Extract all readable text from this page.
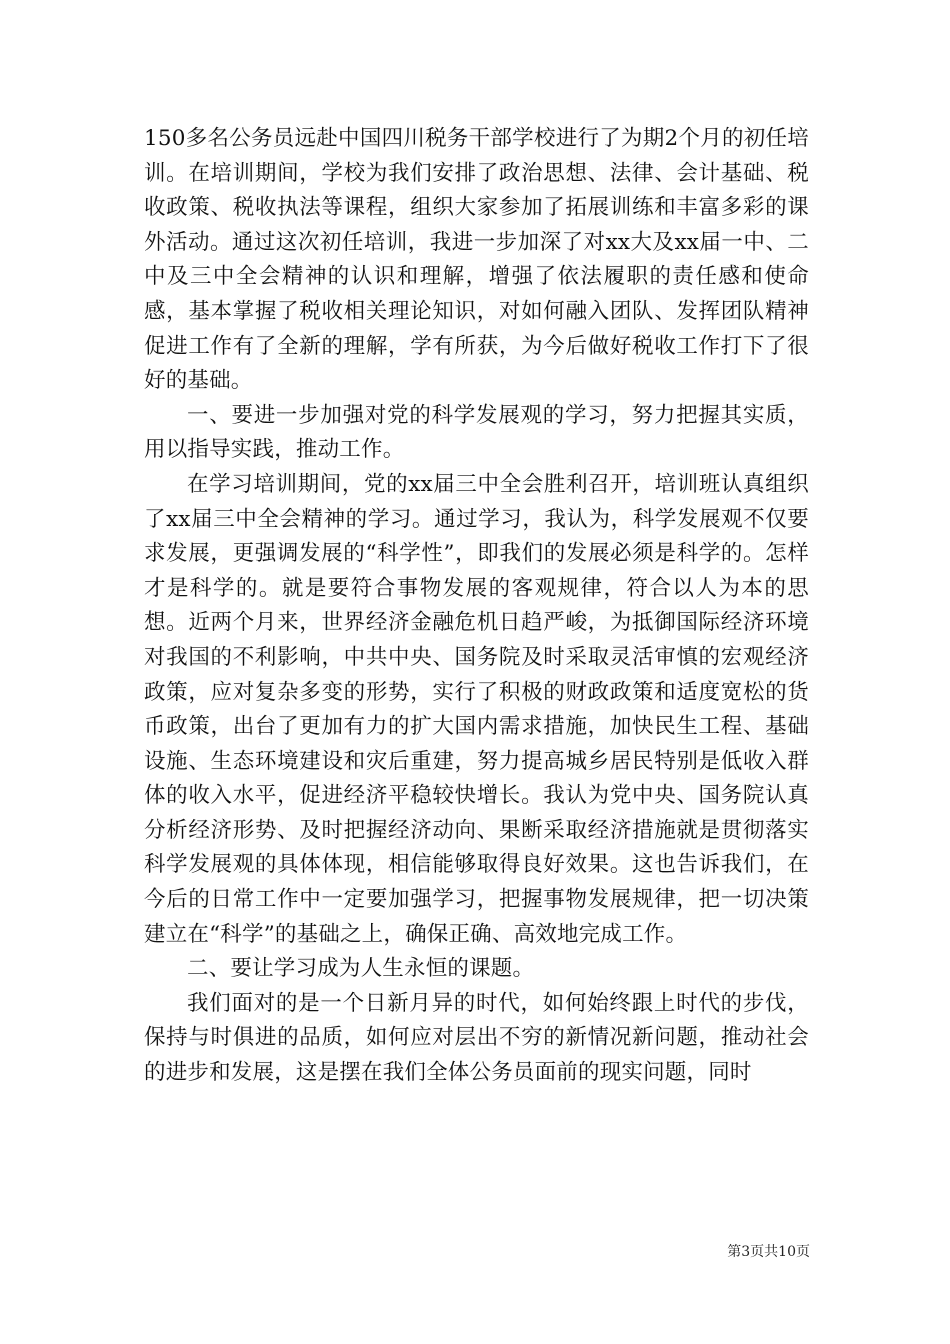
150多名公务员远赴中国四川税务干部学校进行了为期2个月的初任培训。在培训期间，学校为我们安排了政治思想、法律、会计基础、税收政策、税收执法等课程，组织大家参加了拓展训练和丰富多彩的课外活动。通过这次初任培训，我进一步加深了对xx大及xx届一中、二中及三中全会精神的认识和理解，增强了依法履职的责任感和使命感，基本掌握了税收相关理论知识，对如何融入团队、发挥团队精神促进工作有了全新的理解，学有所获，为今后做好税收工作打下了很好的基础。

一、要进一步加强对党的科学发展观的学习，努力把握其实质，用以指导实践，推动工作。

在学习培训期间，党的xx届三中全会胜利召开，培训班认真组织了xx届三中全会精神的学习。通过学习，我认为，科学发展观不仅要求发展，更强调发展的“科学性”，即我们的发展必须是科学的。怎样才是科学的。就是要符合事物发展的客观规律，符合以人为本的思想。近两个月来，世界经济金融危机日趋严峻，为抵御国际经济环境对我国的不利影响，中共中央、国务院及时采取灵活审慎的宏观经济政策，应对复杂多变的形势，实行了积极的财政政策和适度宽松的货币政策，出台了更加有力的扩大国内需求措施，加快民生工程、基础设施、生态环境建设和灾后重建，努力提高城乡居民特别是低收入群体的收入水平，促进经济平稳较快增长。我认为党中央、国务院认真分析经济形势、及时把握经济动向、果断采取经济措施就是贯彻落实科学发展观的具体体现，相信能够取得良好效果。这也告诉我们，在今后的日常工作中一定要加强学习，把握事物发展规律，把一切决策建立在“科学”的基础之上，确保正确、高效地完成工作。

二、要让学习成为人生永恒的课题。

我们面对的是一个日新月异的时代，如何始终跟上时代的步伐，保持与时俱进的品质，如何应对层出不穷的新情况新问题，推动社会的进步和发展，这是摆在我们全体公务员面前的现实问题，同时

第3页共10页
